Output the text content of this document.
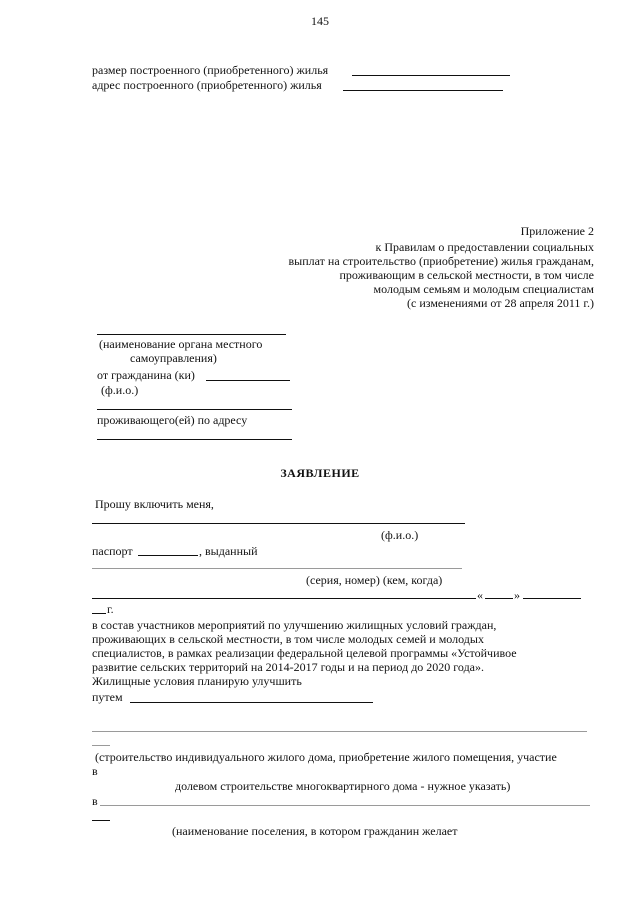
145
размер построенного (приобретенного) жилья
адрес построенного (приобретенного) жилья
Приложение 2
к Правилам о предоставлении социальных
выплат на строительство (приобретение) жилья гражданам,
проживающим в сельской местности, в том числе
молодым семьям и молодым специалистам
(с изменениями от 28 апреля 2011 г.)
(наименование органа местного
самоуправления)
от гражданина (ки)
(ф.и.о.)
проживающего(ей) по адресу
ЗАЯВЛЕНИЕ
Прошу включить меня,
(ф.и.о.)
паспорт	, выданный
(серия, номер) (кем, когда)
«	»
г.
в состав участников мероприятий по улучшению жилищных условий граждан,
проживающих в сельской местности, в том числе молодых семей и молодых
специалистов, в рамках реализации федеральной целевой программы «Устойчивое
развитие сельских территорий на 2014-2017 годы и на период до 2020 года».
Жилищные условия планирую улучшить
путем
(строительство индивидуального жилого дома, приобретение жилого помещения, участие
в
долевом строительстве многоквартирного дома - нужное указать)
в
(наименование поселения, в котором гражданин желает
